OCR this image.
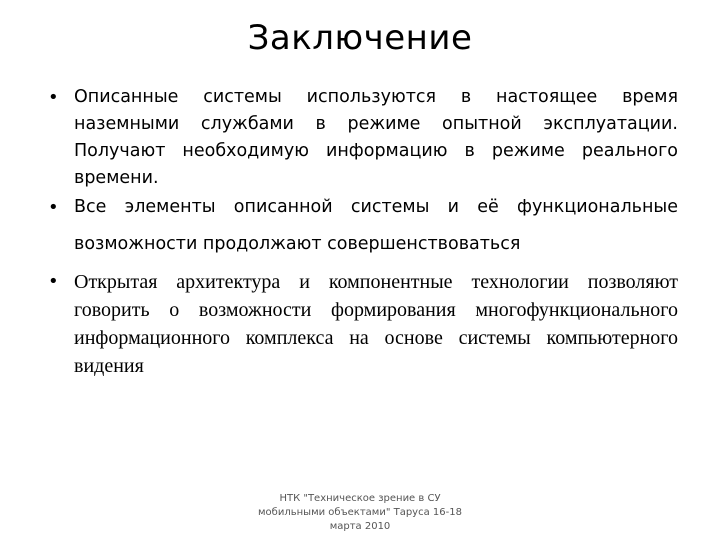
Заключение
• Описанные системы используются в настоящее время наземными службами в режиме опытной эксплуатации. Получают необходимую информацию в режиме реального времени.
• Все элементы описанной системы и её функциональные
возможности продолжают совершенствоваться
• Открытая архитектура и компонентные технологии позволяют говорить о возможности формирования многофункционального информационного комплекса на основе системы компьютерного видения
НТК "Техническое зрение в СУ
мобильными объектами" Таруса 16-18
марта 2010
